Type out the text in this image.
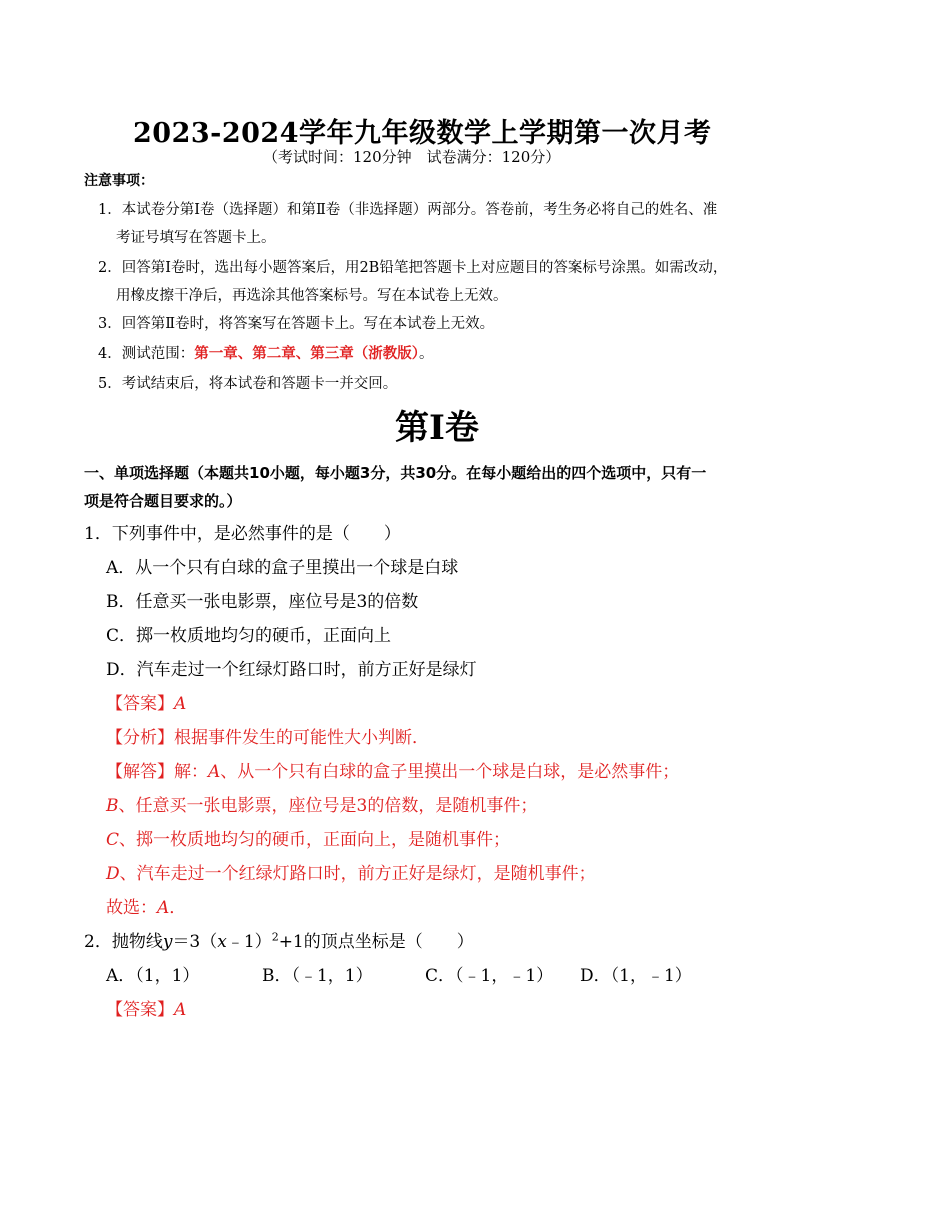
2023-2024学年九年级数学上学期第一次月考
（考试时间：120分钟　试卷满分：120分）
注意事项：
1．本试卷分第Ⅰ卷（选择题）和第Ⅱ卷（非选择题）两部分。答卷前，考生务必将自己的姓名、准
考证号填写在答题卡上。
2．回答第Ⅰ卷时，选出每小题答案后，用2B铅笔把答题卡上对应题目的答案标号涂黑。如需改动，
用橡皮擦干净后，再选涂其他答案标号。写在本试卷上无效。
3．回答第Ⅱ卷时，将答案写在答题卡上。写在本试卷上无效。
4．测试范围：第一章、第二章、第三章（浙教版）。
5．考试结束后，将本试卷和答题卡一并交回。
第Ⅰ卷
一、单项选择题（本题共10小题，每小题3分，共30分。在每小题给出的四个选项中，只有一
项是符合题目要求的。）
1．下列事件中，是必然事件的是（　　）
A．从一个只有白球的盒子里摸出一个球是白球
B．任意买一张电影票，座位号是3的倍数
C．掷一枚质地均匀的硬币，正面向上
D．汽车走过一个红绿灯路口时，前方正好是绿灯
【答案】A
【分析】根据事件发生的可能性大小判断．
【解答】解：A、从一个只有白球的盒子里摸出一个球是白球，是必然事件；
B、任意买一张电影票，座位号是3的倍数，是随机事件；
C、掷一枚质地均匀的硬币，正面向上，是随机事件；
D、汽车走过一个红绿灯路口时，前方正好是绿灯，是随机事件；
故选：A．
2．抛物线y＝3（x﹣1）$^2$+1的顶点坐标是（　　）
A．（1，1）	B．（﹣1，1）	C．（﹣1，﹣1） D．（1，﹣1）
【答案】A
